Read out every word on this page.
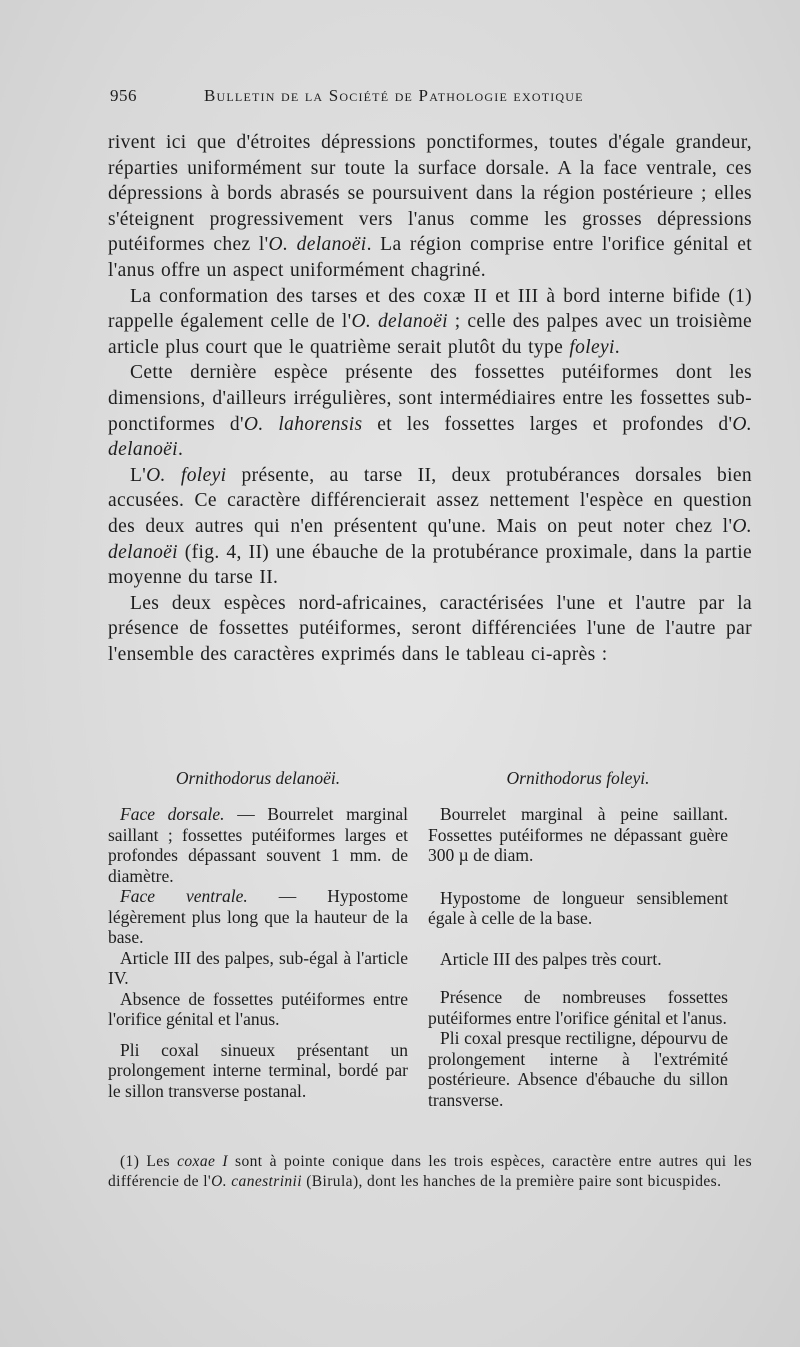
956	Bulletin de la Société de Pathologie exotique

rivent ici que d'étroites dépressions ponctiformes, toutes d'égale grandeur, réparties uniformément sur toute la surface dorsale. A la face ventrale, ces dépressions à bords abrasés se poursuivent dans la région postérieure ; elles s'éteignent progressivement vers l'anus comme les grosses dépressions putéiformes chez l'O. delanoëi. La région comprise entre l'orifice génital et l'anus offre un aspect uniformément chagriné.

La conformation des tarses et des coxæ II et III à bord interne bifide (1) rappelle également celle de l'O. delanoëi ; celle des palpes avec un troisième article plus court que le quatrième serait plutôt du type foleyi.

Cette dernière espèce présente des fossettes putéiformes dont les dimensions, d'ailleurs irrégulières, sont intermédiaires entre les fossettes sub-ponctiformes d'O. lahorensis et les fossettes larges et profondes d'O. delanoëi.

L'O. foleyi présente, au tarse II, deux protubérances dorsales bien accusées. Ce caractère différencierait assez nettement l'espèce en question des deux autres qui n'en présentent qu'une. Mais on peut noter chez l'O. delanoëi (fig. 4, II) une ébauche de la protubérance proximale, dans la partie moyenne du tarse II.

Les deux espèces nord-africaines, caractérisées l'une et l'autre par la présence de fossettes putéiformes, seront différenciées l'une de l'autre par l'ensemble des caractères exprimés dans le tableau ci-après :

Ornithodorus delanoëi.

Face dorsale. — Bourrelet marginal saillant ; fossettes putéiformes larges et profondes dépassant souvent 1 mm. de diamètre.

Face ventrale. — Hypostome légèrement plus long que la hauteur de la base.

Article III des palpes, sub-égal à l'article IV.

Absence de fossettes putéiformes entre l'orifice génital et l'anus.

Pli coxal sinueux présentant un prolongement interne terminal, bordé par le sillon transverse postanal.

Ornithodorus foleyi.

Bourrelet marginal à peine saillant. Fossettes putéiformes ne dépassant guère 300 µ de diam.

Hypostome de longueur sensiblement égale à celle de la base.

Article III des palpes très court.

Présence de nombreuses fossettes putéiformes entre l'orifice génital et l'anus.

Pli coxal presque rectiligne, dépourvu de prolongement interne à l'extrémité postérieure. Absence d'ébauche du sillon transverse.

(1) Les coxae I sont à pointe conique dans les trois espèces, caractère entre autres qui les différencie de l'O. canestrinii (Birula), dont les hanches de la première paire sont bicuspides.
